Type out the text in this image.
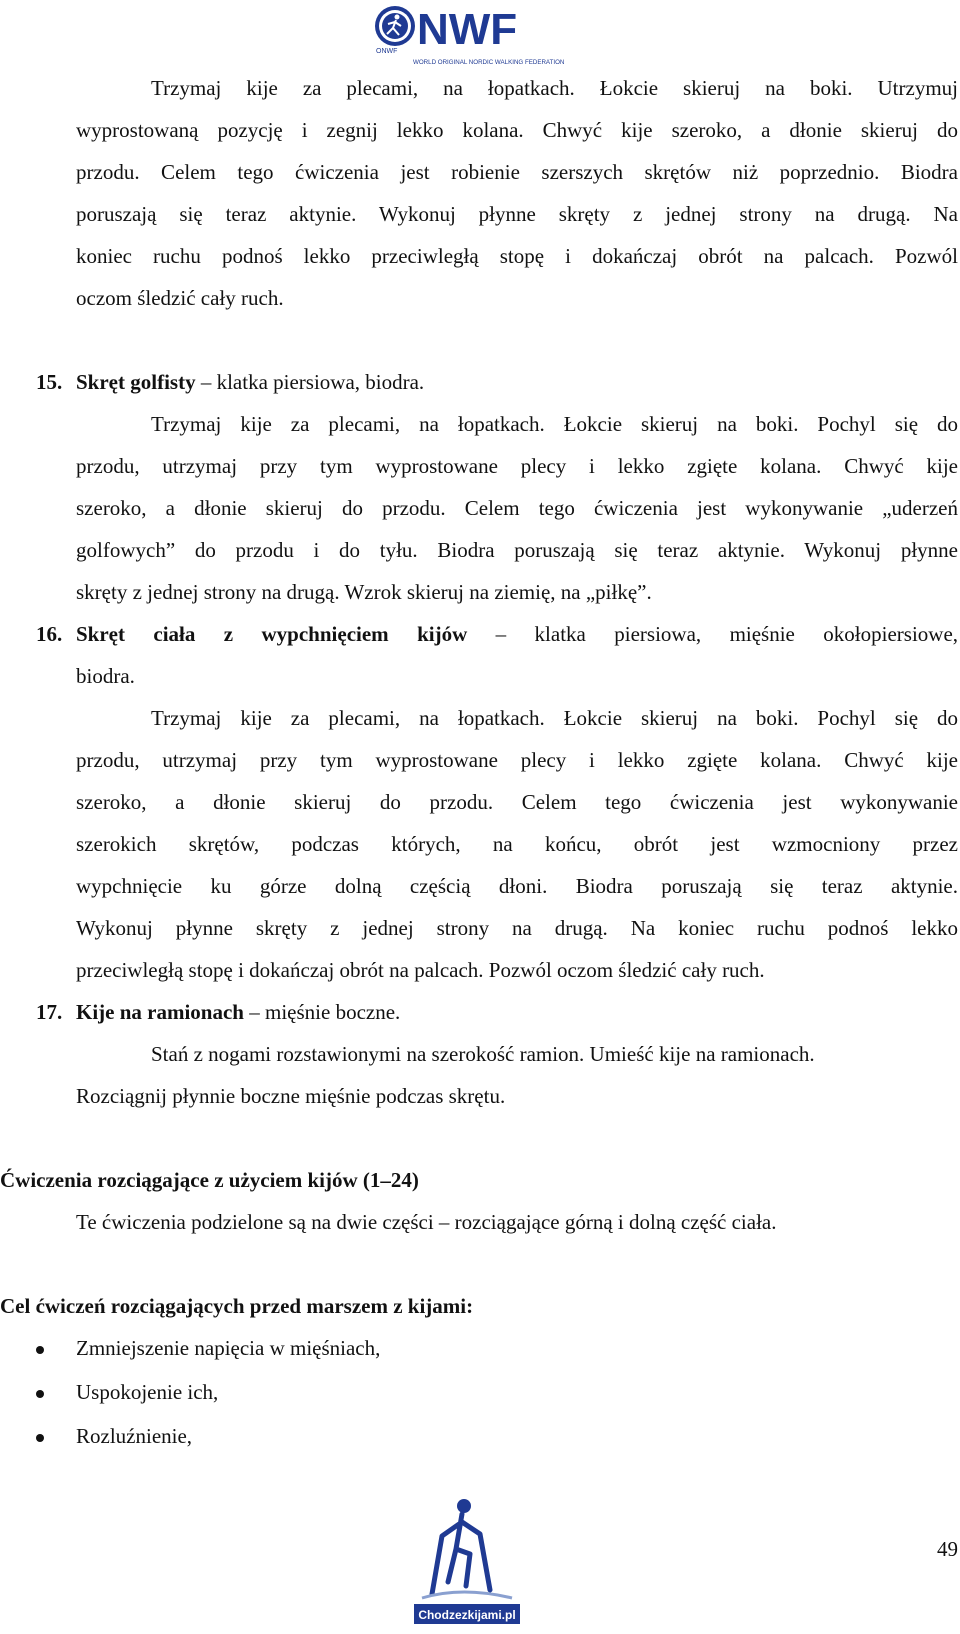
NWF
ONWF
WORLD ORIGINAL NORDIC WALKING FEDERATION
Trzymaj kije za plecami, na łopatkach. Łokcie skieruj na boki. Utrzymuj
wyprostowaną pozycję i zegnij lekko kolana. Chwyć kije szeroko, a dłonie skieruj do
przodu. Celem tego ćwiczenia jest robienie szerszych skrętów niż poprzednio. Biodra
poruszają się teraz aktynie. Wykonuj płynne skręty z jednej strony na drugą. Na
koniec ruchu podnoś lekko przeciwległą stopę i dokańczaj obrót na palcach. Pozwól
oczom śledzić cały ruch.
15. Skręt golfisty – klatka piersiowa, biodra.
Trzymaj kije za plecami, na łopatkach. Łokcie skieruj na boki. Pochyl się do
przodu, utrzymaj przy tym wyprostowane plecy i lekko zgięte kolana. Chwyć kije
szeroko, a dłonie skieruj do przodu. Celem tego ćwiczenia jest wykonywanie „uderzeń
golfowych” do przodu i do tyłu. Biodra poruszają się teraz aktynie. Wykonuj płynne
skręty z jednej strony na drugą. Wzrok skieruj na ziemię, na „piłkę”.
16. Skręt ciała z wypchnięciem kijów – klatka piersiowa, mięśnie okołopiersiowe,
biodra.
Trzymaj kije za plecami, na łopatkach. Łokcie skieruj na boki. Pochyl się do
przodu, utrzymaj przy tym wyprostowane plecy i lekko zgięte kolana. Chwyć kije
szeroko, a dłonie skieruj do przodu. Celem tego ćwiczenia jest wykonywanie
szerokich skrętów, podczas których, na końcu, obrót jest wzmocniony przez
wypchnięcie ku górze dolną częścią dłoni. Biodra poruszają się teraz aktynie.
Wykonuj płynne skręty z jednej strony na drugą. Na koniec ruchu podnoś lekko
przeciwległą stopę i dokańczaj obrót na palcach. Pozwól oczom śledzić cały ruch.
17. Kije na ramionach – mięśnie boczne.
Stań z nogami rozstawionymi na szerokość ramion. Umieść kije na ramionach.
Rozciągnij płynnie boczne mięśnie podczas skrętu.
Ćwiczenia rozciągające z użyciem kijów (1–24)
Te ćwiczenia podzielone są na dwie części – rozciągające górną i dolną część ciała.
Cel ćwiczeń rozciągających przed marszem z kijami:
Zmniejszenie napięcia w mięśniach,
Uspokojenie ich,
Rozluźnienie,
49
Chodzezkijami.pl
